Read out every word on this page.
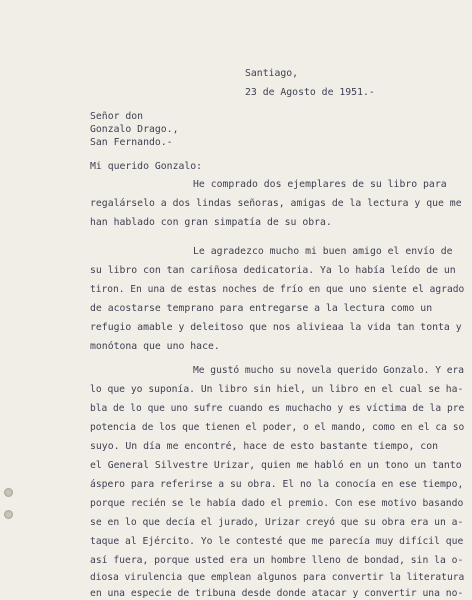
Santiago,
23 de Agosto de 1951.-
Señor don
Gonzalo Drago.,
San Fernando.-
Mi querido Gonzalo:
He comprado dos ejemplares de su libro para
regalárselo a dos lindas señoras, amigas de la lectura y que me
han hablado con gran simpatía de su obra.
Le agradezco mucho mi buen amigo el envío de
su libro con tan cariñosa dedicatoria. Ya lo había leído de un
tiron. En una de estas noches de frío en que uno siente el agrado
de acostarse temprano para entregarse a la lectura como un
refugio amable y deleitoso que nos alivieaa la vida tan tonta y
monótona que uno hace.
Me gustó mucho su novela querido Gonzalo. Y era
lo que yo suponía. Un libro sin hiel, un libro en el cual se ha-
bla de lo que uno sufre cuando es muchacho y es víctima de la pre
potencia de los que tienen el poder, o el mando, como en el ca so
suyo. Un día me encontré, hace de esto bastante tiempo, con
el General Silvestre Urizar, quien me habló en un tono un tanto
áspero para referirse a su obra. El no la conocía en ese tiempo,
porque recién se le había dado el premio. Con ese motivo basando
se en lo que decía el jurado, Urizar creyó que su obra era un a-
taque al Ejército. Yo le contesté que me parecía muy difícil que
así fuera, porque usted era un hombre lleno de bondad, sin la o-
diosa virulencia que emplean algunos para convertir la literatura
en una especie de tribuna desde donde atacar y convertir una no-
